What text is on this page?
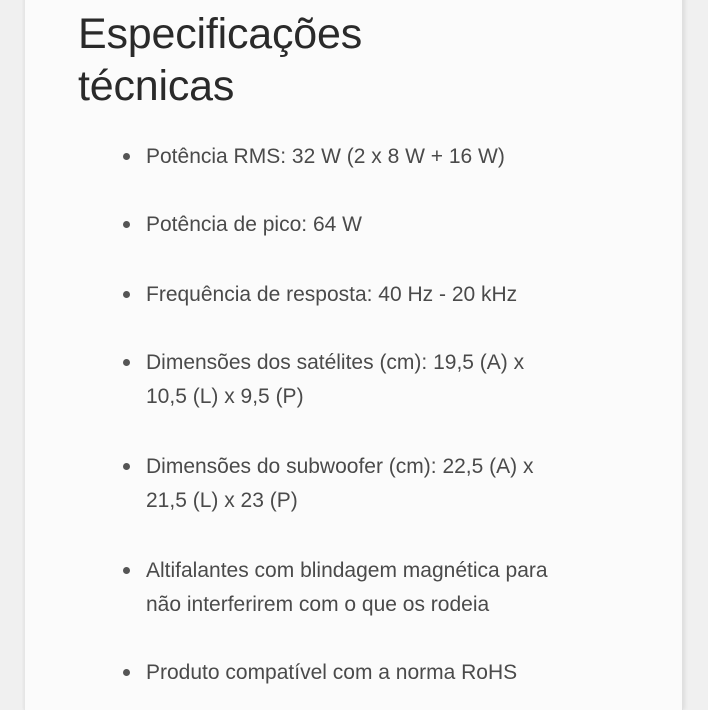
Especificações
técnicas
Potência RMS: 32 W (2 x 8 W + 16 W)
Potência de pico: 64 W
Frequência de resposta: 40 Hz - 20 kHz
Dimensões dos satélites (cm): 19,5 (A) x
10,5 (L) x 9,5 (P)
Dimensões do subwoofer (cm): 22,5 (A) x
21,5 (L) x 23 (P)
Altifalantes com blindagem magnética para
não interferirem com o que os rodeia
Produto compatível com a norma RoHS
